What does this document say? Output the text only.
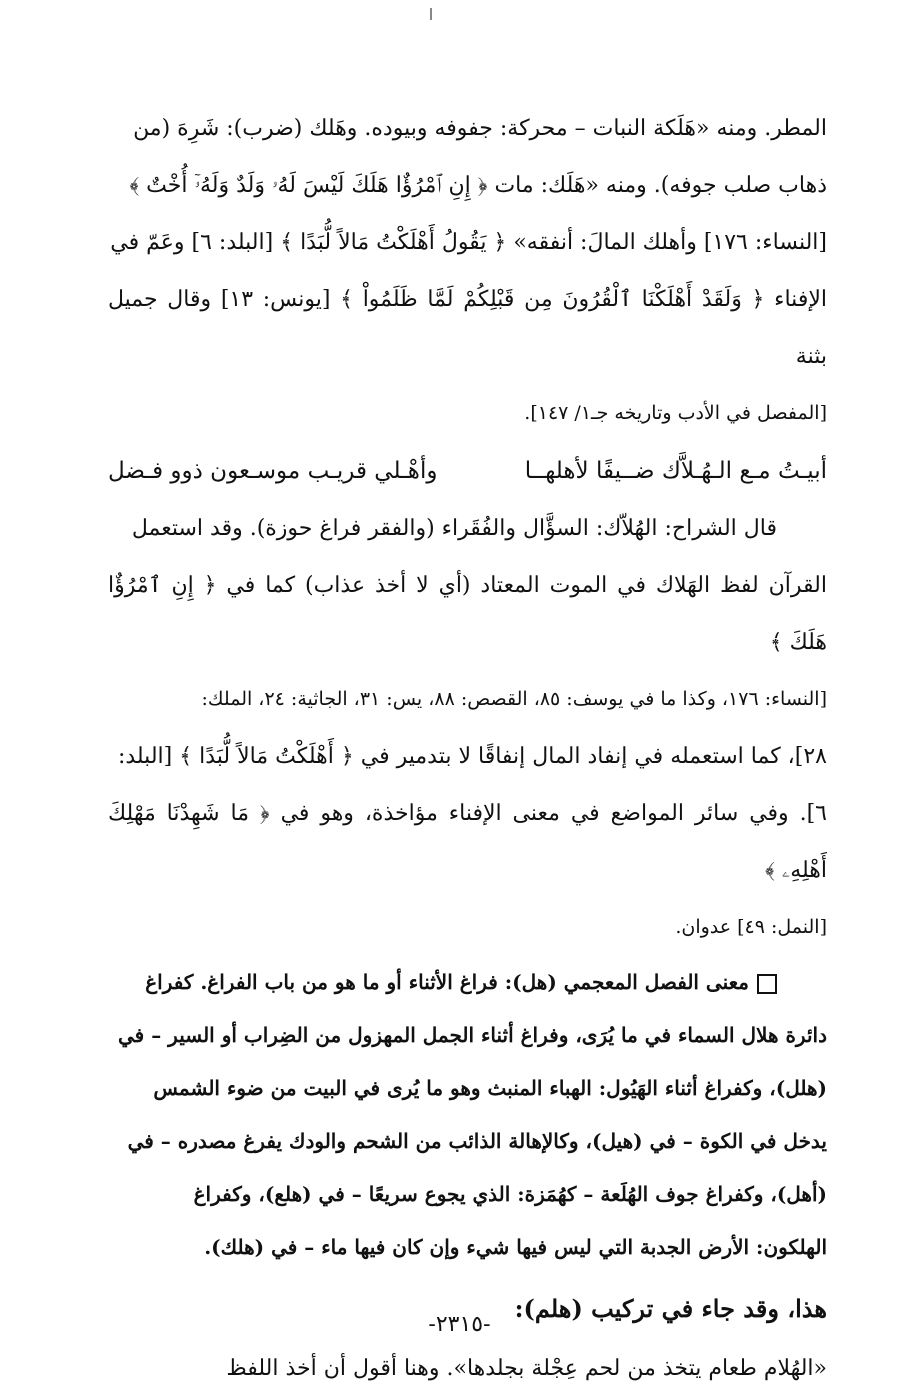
المطر. ومنه «هَلَكة النبات – محركة: جفوفه وبيوده. وهَلك (ضرب): شَرِهَ (من

ذهاب صلب جوفه). ومنه «هَلَك: مات ﴿ إِنِ ٱمْرُؤٌا هَلَكَ لَيْسَ لَهُۥ وَلَدٌ وَلَهُۥٓ أُخْتٌ ﴾

[النساء: ١٧٦] وأهلك المالَ: أنفقه» ﴿ يَقُولُ أَهْلَكْتُ مَالاً لُّبَدًا ﴾ [البلد: ٦] وعَمّ في

الإفناء ﴿ وَلَقَدْ أَهْلَكْنَا ٱلْقُرُونَ مِن قَبْلِكُمْ لَمَّا ظَلَمُواْ ﴾ [يونس: ١٣] وقال جميل بثنة

[المفصل في الأدب وتاريخه جـ١/ ١٤٧].

أبيـتُ مـع الـهُـلاَّك ضــيفًا لأهلهــا
وأهْـلي قريـب موسـعون ذوو فـضل

قال الشراح: الهُلاّك: السؤَّال والفُقَراء (والفقر فراغ حوزة). وقد استعمل

القرآن لفظ الهَلاك في الموت المعتاد (أي لا أخذ عذاب) كما في ﴿ إِنِ ٱمْرُؤٌا هَلَكَ ﴾

[النساء: ١٧٦، وكذا ما في يوسف: ٨٥، القصص: ٨٨، يس: ٣١، الجاثية: ٢٤، الملك:

٢٨]، كما استعمله في إنفاد المال إنفاقًا لا بتدمير في ﴿ أَهْلَكْتُ مَالاً لُّبَدًا ﴾ [البلد:

٦]. وفي سائر المواضع في معنى الإفناء مؤاخذة، وهو في ﴿ مَا شَهِدْنَا مَهْلِكَ أَهْلِهِۦ ﴾

[النمل: ٤٩] عدوان.

معنى الفصل المعجمي (هل): فراغ الأثناء أو ما هو من باب الفراغ. كفراغ

دائرة هلال السماء في ما يُرَى، وفراغ أثناء الجمل المهزول من الضِراب أو السير – في

(هلل)، وكفراغ أثناء الهَيُول: الهباء المنبث وهو ما يُرى في البيت من ضوء الشمس

يدخل في الكوة – في (هيل)، وكالإهالة الذائب من الشحم والودك يفرغ مصدره – في

(أهل)، وكفراغ جوف الهُلَعة – كهُمَزة: الذي يجوع سريعًا – في (هلع)، وكفراغ

الهلكون: الأرض الجدبة التي ليس فيها شيء وإن كان فيها ماء – في (هلك).

هذا، وقد جاء في تركيب (هلم):

«الهُلام طعام يتخذ من لحم عِجْلة بجلدها». وهنا أقول أن أخذ اللفظ

-٢٣١٥-
